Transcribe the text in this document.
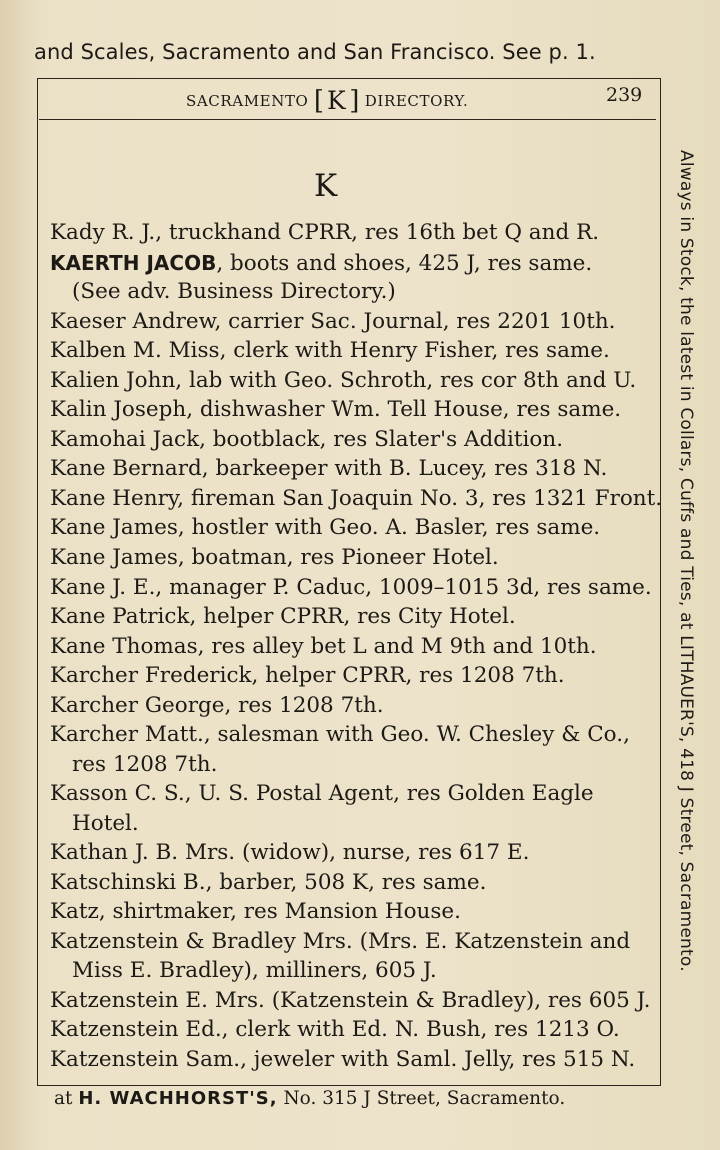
and Scales, Sacramento and San Francisco. See p. 1.
SACRAMENTO [ K ] DIRECTORY.	239
K
Kady R. J., truckhand CPRR, res 16th bet Q and R.
KAERTH JACOB, boots and shoes, 425 J, res same.
(See adv. Business Directory.)
Kaeser Andrew, carrier Sac. Journal, res 2201 10th.
Kalben M. Miss, clerk with Henry Fisher, res same.
Kalien John, lab with Geo. Schroth, res cor 8th and U.
Kalin Joseph, dishwasher Wm. Tell House, res same.
Kamohai Jack, bootblack, res Slater's Addition.
Kane Bernard, barkeeper with B. Lucey, res 318 N.
Kane Henry, fireman San Joaquin No. 3, res 1321 Front.
Kane James, hostler with Geo. A. Basler, res same.
Kane James, boatman, res Pioneer Hotel.
Kane J. E., manager P. Caduc, 1009–1015 3d, res same.
Kane Patrick, helper CPRR, res City Hotel.
Kane Thomas, res alley bet L and M 9th and 10th.
Karcher Frederick, helper CPRR, res 1208 7th.
Karcher George, res 1208 7th.
Karcher Matt., salesman with Geo. W. Chesley & Co.,
res 1208 7th.
Kasson C. S., U. S. Postal Agent, res Golden Eagle
Hotel.
Kathan J. B. Mrs. (widow), nurse, res 617 E.
Katschinski B., barber, 508 K, res same.
Katz, shirtmaker, res Mansion House.
Katzenstein & Bradley Mrs. (Mrs. E. Katzenstein and
Miss E. Bradley), milliners, 605 J.
Katzenstein E. Mrs. (Katzenstein & Bradley), res 605 J.
Katzenstein Ed., clerk with Ed. N. Bush, res 1213 O.
Katzenstein Sam., jeweler with Saml. Jelly, res 515 N.
Always in Stock, the latest in Collars, Cuffs and Ties, at LITHAUER'S, 418 J Street, Sacramento.
at H. WACHHORST'S, No. 315 J Street, Sacramento.
